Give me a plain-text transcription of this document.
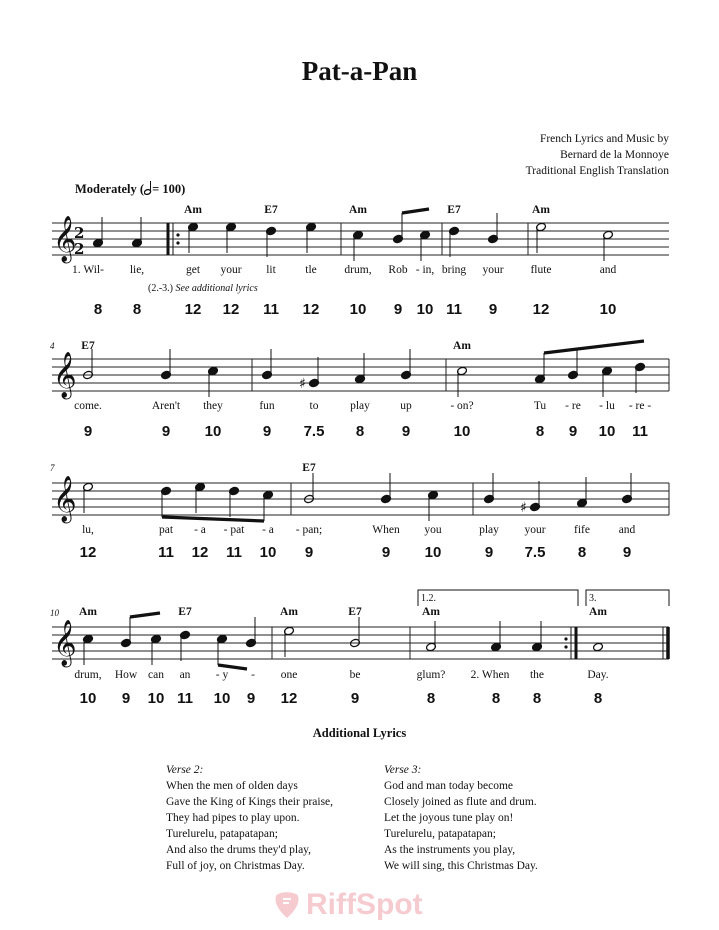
Pat-a-Pan
French Lyrics and Music by
Bernard de la Monnoye
Traditional English Translation
Moderately ( = 100)
𝄞
𝄞	♯
𝄞	♯
𝄞
2
2
Am	E7	Am	E7	Am
1. Wil- lie,	get your lit	tle drum, Rob - in, bring your flute	and
8 8	12 12 11 12 10 9 10 11 9 12	10
4 E7	Am
come.	Aren't they	fun	to	play	up	- on?	Tu - re - lu - re -
9	9 10	9 7.5 8	9	10	8 9 10 11
7	E7
lu,	pat - a - pat - a - pan;	When you	play your fife and
12	11 12 11 10 9	9 10	9 7.5 8 9
10 Am	E7	Am	E7	Am	Am
drum, How can an - y - one	be	glum? 2. When the	Day.
10 9 10 11 10 9 12	9	8	8 8	8
(2.-3.) See additional lyrics
1.2.	3.
Additional Lyrics
Verse 2:
When the men of olden days
Gave the King of Kings their praise,
They had pipes to play upon.
Turelurelu, patapatapan;
And also the drums they'd play,
Full of joy, on Christmas Day.
Verse 3:
God and man today become
Closely joined as flute and drum.
Let the joyous tune play on!
Turelurelu, patapatapan;
As the instruments you play,
We will sing, this Christmas Day.
RiffSpot
